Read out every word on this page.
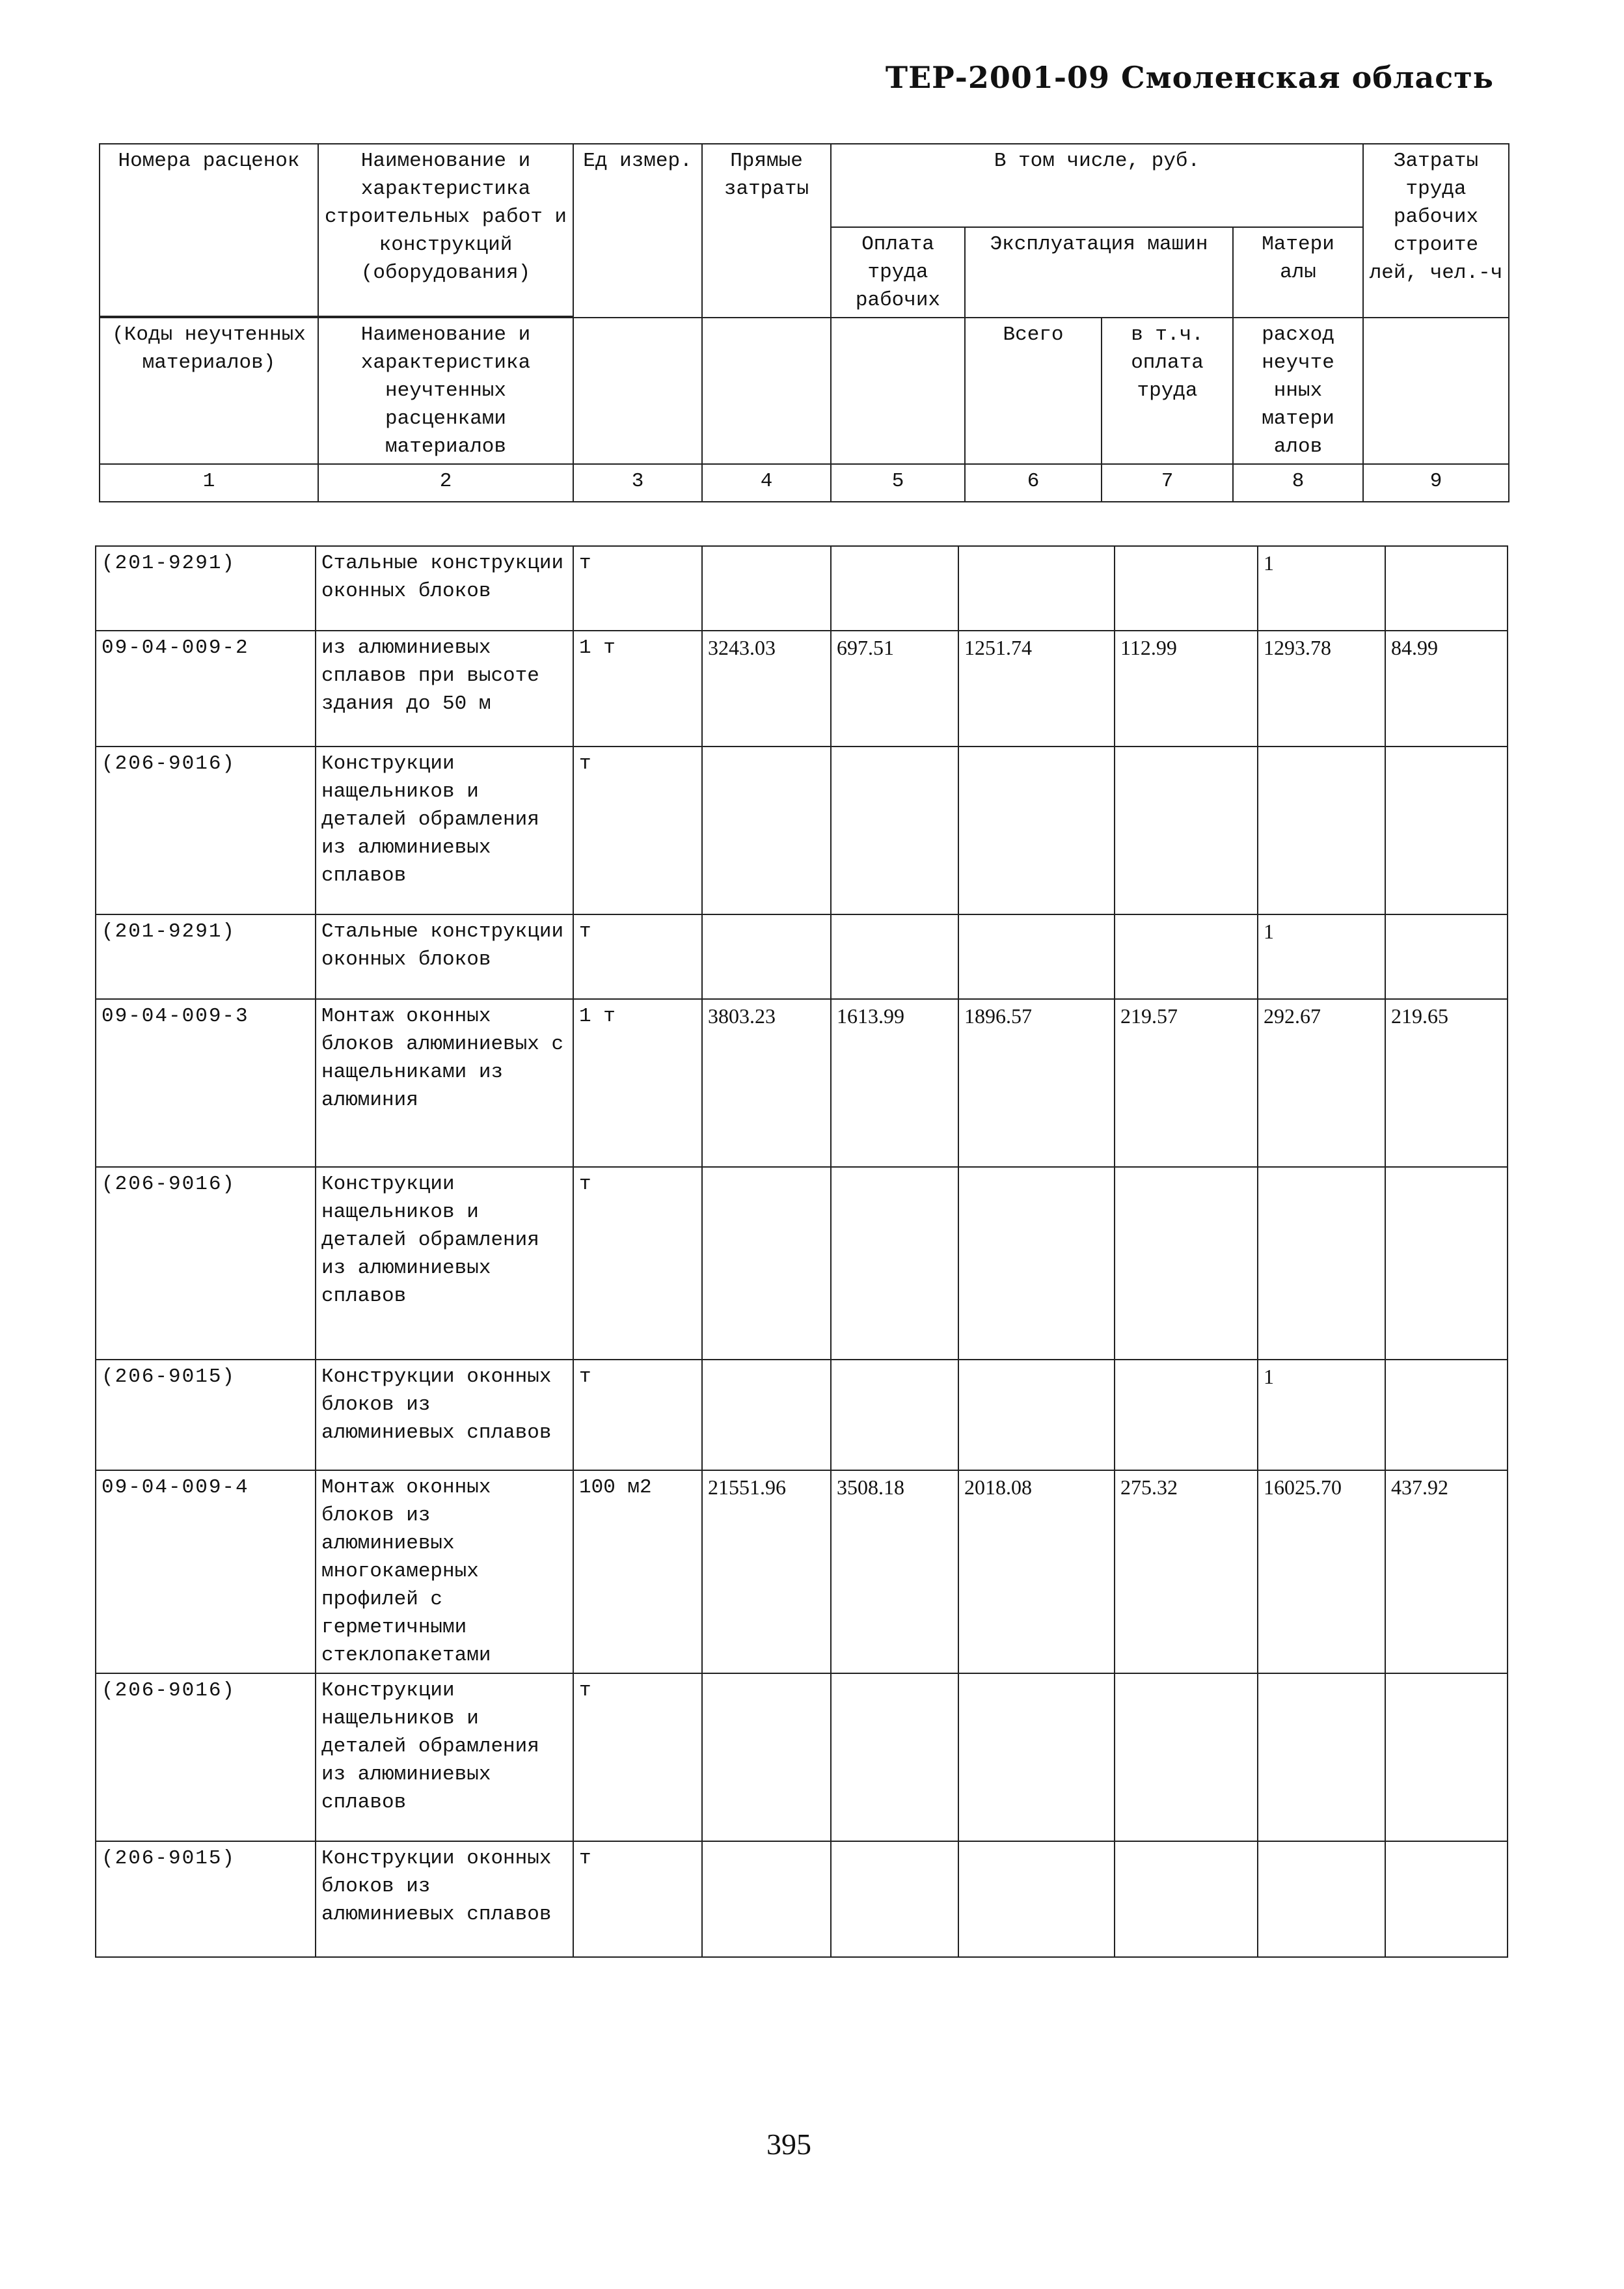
ТЕР-2001-09 Смоленская область
Номера расценок	Наименование и характеристика строительных работ и конструкций (оборудования)	Ед измер.	Прямые затраты	В том числе, руб.				Затраты труда рабочих строите лей, чел.-ч
				Оплата труда рабочих	Эксплуатация машин		Матери алы	

(Коды неучтенных материалов)	Наименование и характеристика неучтенных расценками материалов				Всего	в т.ч. оплата труда	расход неучте нных матери алов	
1	2	3	4	5	6	7	8	9
(201-9291)	Стальные конструкции оконных блоков	т					1	
09-04-009-2	из алюминиевых сплавов при высоте здания до 50 м	1 т	3243.03	697.51	1251.74	112.99	1293.78	84.99
(206-9016)	Конструкции нащельников и деталей обрамления из алюминиевых сплавов	т						
(201-9291)	Стальные конструкции оконных блоков	т					1	
09-04-009-3	Монтаж оконных блоков алюминиевых с нащельниками из алюминия	1 т	3803.23	1613.99	1896.57	219.57	292.67	219.65
(206-9016)	Конструкции нащельников и деталей обрамления из алюминиевых сплавов	т						
(206-9015)	Конструкции оконных блоков из алюминиевых сплавов	т					1	
09-04-009-4	Монтаж оконных блоков из алюминиевых многокамерных профилей с герметичными стеклопакетами	100 м2	21551.96	3508.18	2018.08	275.32	16025.70	437.92
(206-9016)	Конструкции нащельников и деталей обрамления из алюминиевых сплавов	т						
(206-9015)	Конструкции оконных блоков из алюминиевых сплавов	т						
395
